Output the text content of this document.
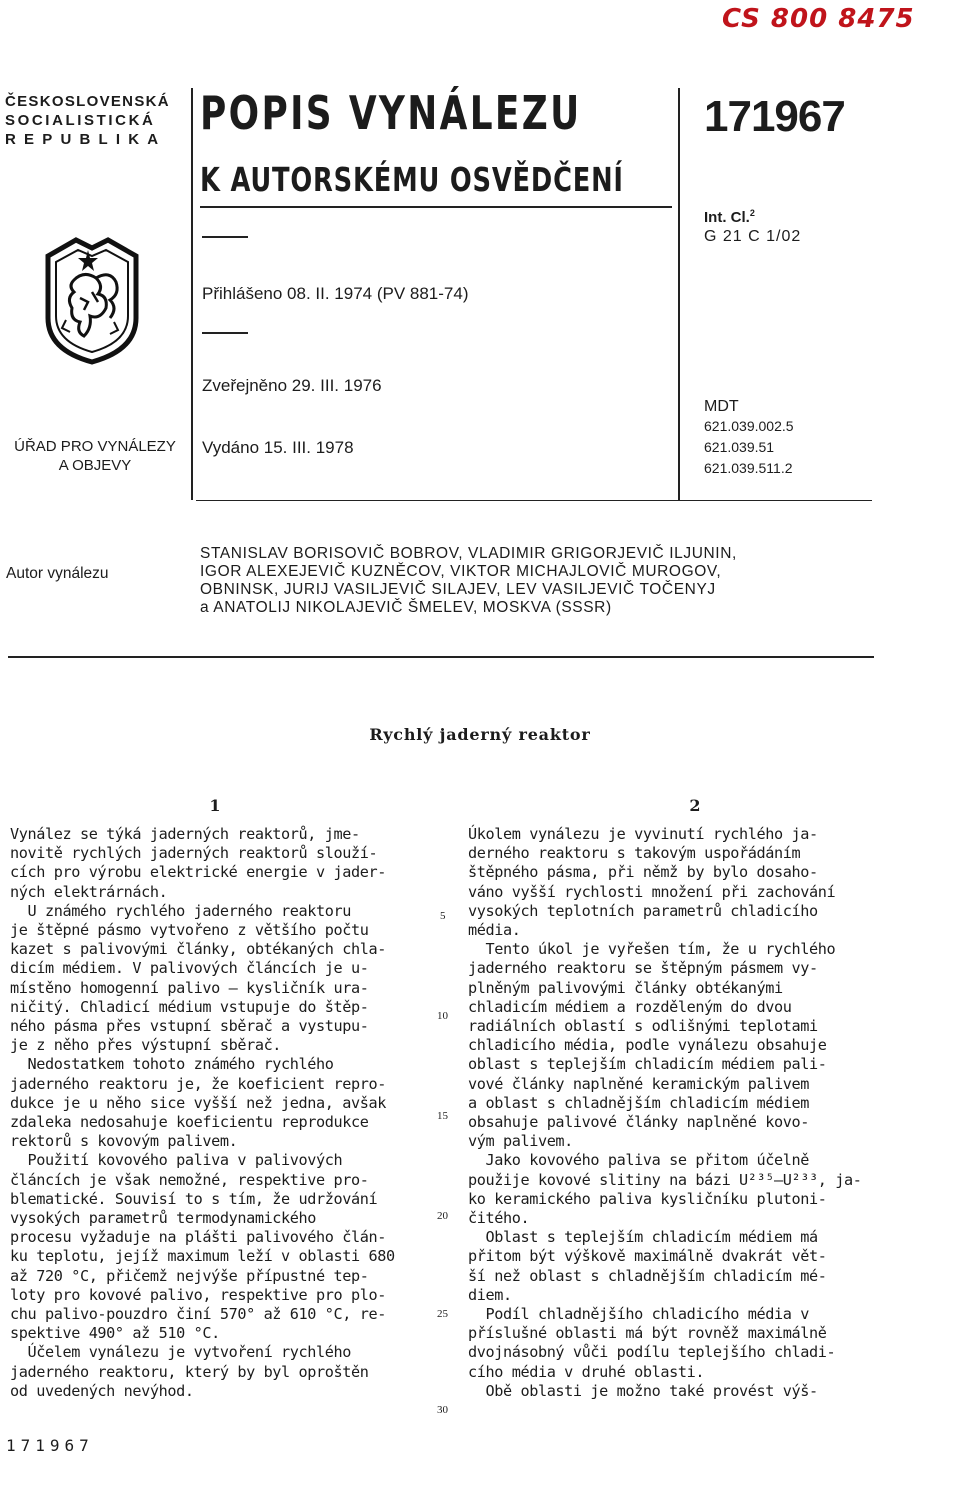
CS 800 8475
ČESKOSLOVENSKÁ
SOCIALISTICKÁ
REPUBLIKA
ÚŘAD PRO VYNÁLEZY
A OBJEVY
POPIS VYNÁLEZU
K AUTORSKÉMU OSVĚDČENÍ
Přihlášeno 08. II. 1974 (PV 881-74)
Zveřejněno 29. III. 1976
Vydáno 15. III. 1978
171967
Int. Cl.$^2$
G 21 C 1/02
MDT
621.039.002.5
621.039.51
621.039.511.2
Autor vynálezu
STANISLAV BORISOVIČ BOBROV, VLADIMIR GRIGORJEVIČ ILJUNIN,
IGOR ALEXEJEVIČ KUZNĚCOV, VIKTOR MICHAJLOVIČ MUROGOV,
OBNINSK, JURIJ VASILJEVIČ SILAJEV, LEV VASILJEVIČ TOČENYJ
a ANATOLIJ NIKOLAJEVIČ ŠMELEV, MOSKVA (SSSR)
Rychlý jaderný reaktor
1	2
Vynález se týká jaderných reaktorů, jme-
novitě rychlých jaderných reaktorů slouží-
cích pro výrobu elektrické energie v jader-
ných elektrárnách.
U známého rychlého jaderného reaktoru
je štěpné pásmo vytvořeno z většího počtu
kazet s palivovými články, obtékaných chla-
dicím médiem. V palivových článcích je u-
místěno homogenní palivo — kysličník ura-
ničitý. Chladicí médium vstupuje do štěp-
ného pásma přes vstupní sběrač a vystupu-
je z něho přes výstupní sběrač.
Nedostatkem tohoto známého rychlého
jaderného reaktoru je, že koeficient repro-
dukce je u něho sice vyšší než jedna, avšak
zdaleka nedosahuje koeficientu reprodukce
rektorů s kovovým palivem.
Použití kovového paliva v palivových
článcích je však nemožné, respektive pro-
blematické. Souvisí to s tím, že udržování
vysokých parametrů termodynamického
procesu vyžaduje na plášti palivového člán-
ku teplotu, jejíž maximum leží v oblasti 680
až 720 °C, přičemž nejvýše přípustné tep-
loty pro kovové palivo, respektive pro plo-
chu palivo-pouzdro činí 570° až 610 °C, re-
spektive 490° až 510 °C.
Účelem vynálezu je vytvoření rychlého
jaderného reaktoru, který by byl oproštěn
od uvedených nevýhod.
Úkolem vynálezu je vyvinutí rychlého ja-
derného reaktoru s takovým uspořádáním
štěpného pásma, při němž by bylo dosaho-
váno vyšší rychlosti množení při zachování
vysokých teplotních parametrů chladicího
média.
Tento úkol je vyřešen tím, že u rychlého
jaderného reaktoru se štěpným pásmem vy-
plněným palivovými články obtékanými
chladicím médiem a rozděleným do dvou
radiálních oblastí s odlišnými teplotami
chladicího média, podle vynálezu obsahuje
oblast s teplejším chladicím médiem pali-
vové články naplněné keramickým palivem
a oblast s chladnějším chladicím médiem
obsahuje palivové články naplněné kovo-
vým palivem.
Jako kovového paliva se přitom účelně
použije kovové slitiny na bázi U²³⁵—U²³³, ja-
ko keramického paliva kysličníku plutoni-
čitého.
Oblast s teplejším chladicím médiem má
přitom být výškově maximálně dvakrát vět-
ší než oblast s chladnějším chladicím mé-
diem.
Podíl chladnějšího chladicího média v
příslušné oblasti má být rovněž maximálně
dvojnásobný vůči podílu teplejšího chladi-
cího média v druhé oblasti.
Obě oblasti je možno také provést výš-
5
10
15
20
25
30
171967
